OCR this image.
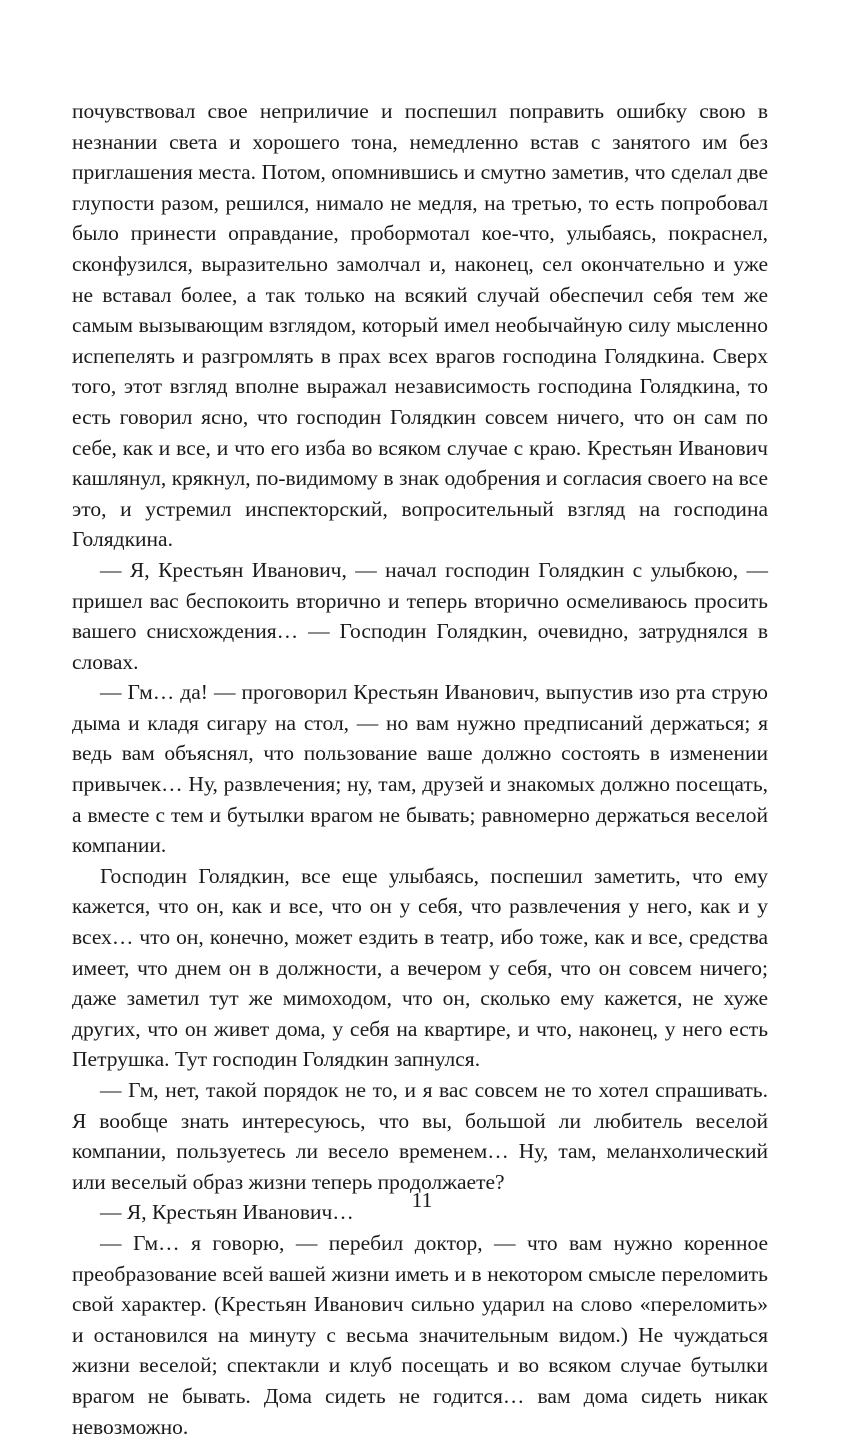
почувствовал свое неприличие и поспешил поправить ошибку свою в незнании света и хорошего тона, немедленно встав с занятого им без приглашения места. Потом, опомнившись и смутно заметив, что сделал две глупости разом, решился, нимало не медля, на третью, то есть попробовал было принести оправдание, пробормотал кое-что, улыбаясь, покраснел, сконфузился, выразительно замолчал и, наконец, сел окончательно и уже не вставал более, а так только на всякий случай обеспечил себя тем же самым вызывающим взглядом, который имел необычайную силу мысленно испепелять и разгромлять в прах всех врагов господина Голядкина. Сверх того, этот взгляд вполне выражал независимость господина Голядкина, то есть говорил ясно, что господин Голядкин совсем ничего, что он сам по себе, как и все, и что его изба во всяком случае с краю. Крестьян Иванович кашлянул, крякнул, по-видимому в знак одобрения и согласия своего на все это, и устремил инспекторский, вопросительный взгляд на господина Голядкина.

— Я, Крестьян Иванович, — начал господин Голядкин с улыбкою, — пришел вас беспокоить вторично и теперь вторично осмеливаюсь просить вашего снисхождения… — Господин Голядкин, очевидно, затруднялся в словах.

— Гм… да! — проговорил Крестьян Иванович, выпустив изо рта струю дыма и кладя сигару на стол, — но вам нужно предписаний держаться; я ведь вам объяснял, что пользование ваше должно состоять в изменении привычек… Ну, развлечения; ну, там, друзей и знакомых должно посещать, а вместе с тем и бутылки врагом не бывать; равномерно держаться веселой компании.

Господин Голядкин, все еще улыбаясь, поспешил заметить, что ему кажется, что он, как и все, что он у себя, что развлечения у него, как и у всех… что он, конечно, может ездить в театр, ибо тоже, как и все, средства имеет, что днем он в должности, а вечером у себя, что он совсем ничего; даже заметил тут же мимоходом, что он, сколько ему кажется, не хуже других, что он живет дома, у себя на квартире, и что, наконец, у него есть Петрушка. Тут господин Голядкин запнулся.

— Гм, нет, такой порядок не то, и я вас совсем не то хотел спрашивать. Я вообще знать интересуюсь, что вы, большой ли любитель веселой компании, пользуетесь ли весело временем… Ну, там, меланхолический или веселый образ жизни теперь продолжаете?

— Я, Крестьян Иванович…

— Гм… я говорю, — перебил доктор, — что вам нужно коренное преобразование всей вашей жизни иметь и в некотором смысле переломить свой характер. (Крестьян Иванович сильно ударил на слово «переломить» и остановился на минуту с весьма значительным видом.) Не чуждаться жизни веселой; спектакли и клуб посещать и во всяком случае бутылки врагом не бывать. Дома сидеть не годится… вам дома сидеть никак невозможно.

11
